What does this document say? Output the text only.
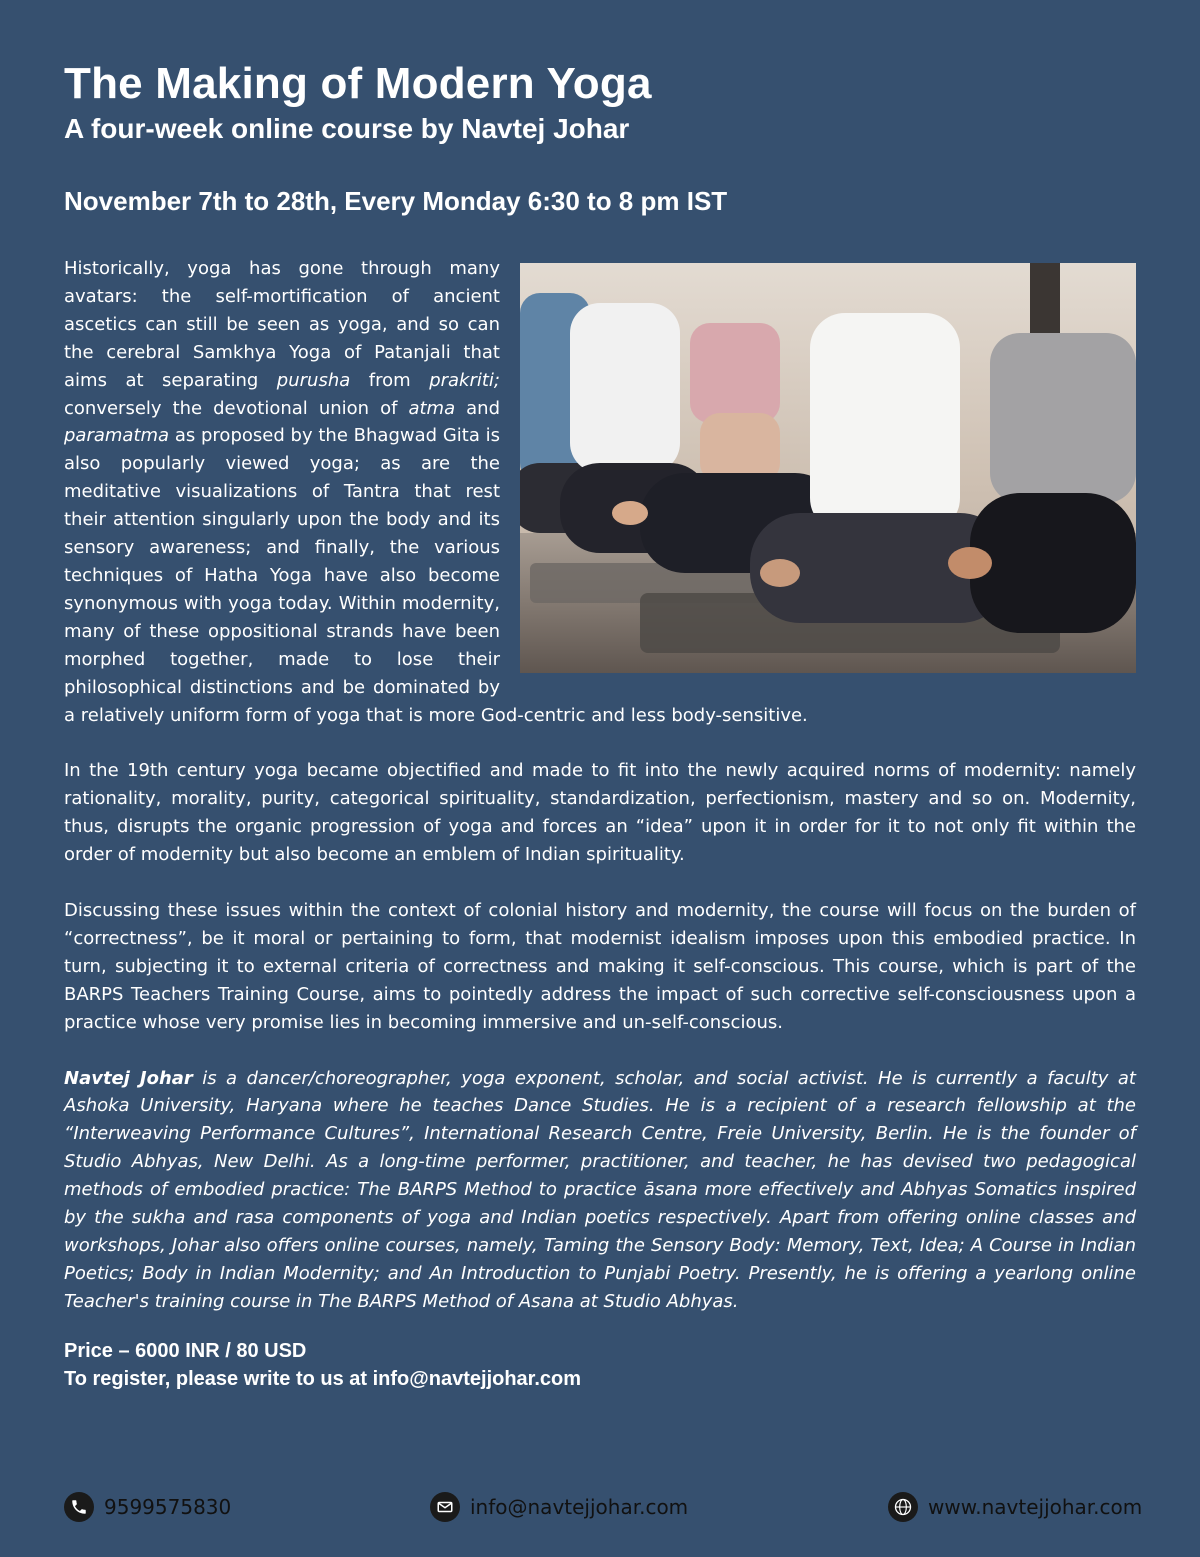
The Making of Modern Yoga
A four-week online course by Navtej Johar
November 7th to 28th, Every Monday 6:30 to 8 pm IST

Historically, yoga has gone through many avatars: the self-mortification of ancient ascetics can still be seen as yoga, and so can the cerebral Samkhya Yoga of Patanjali that aims at separating purusha from prakriti; conversely the devotional union of atma and paramatma as proposed by the Bhagwad Gita is also popularly viewed yoga; as are the meditative visualizations of Tantra that rest their attention singularly upon the body and its sensory awareness; and finally, the various techniques of Hatha Yoga have also become synonymous with yoga today. Within modernity, many of these oppositional strands have been morphed together, made to lose their philosophical distinctions and be dominated by a relatively uniform form of yoga that is more God-centric and less body-sensitive.

In the 19th century yoga became objectified and made to fit into the newly acquired norms of modernity: namely rationality, morality, purity, categorical spirituality, standardization, perfectionism, mastery and so on. Modernity, thus, disrupts the organic progression of yoga and forces an “idea” upon it in order for it to not only fit within the order of modernity but also become an emblem of Indian spirituality.

Discussing these issues within the context of colonial history and modernity, the course will focus on the burden of “correctness”, be it moral or pertaining to form, that modernist idealism imposes upon this embodied practice. In turn, subjecting it to external criteria of correctness and making it self-conscious. This course, which is part of the BARPS Teachers Training Course, aims to pointedly address the impact of such corrective self-consciousness upon a practice whose very promise lies in becoming immersive and un-self-conscious.

Navtej Johar is a dancer/choreographer, yoga exponent, scholar, and social activist. He is currently a faculty at Ashoka University, Haryana where he teaches Dance Studies. He is a recipient of a research fellowship at the “Interweaving Performance Cultures”, International Research Centre, Freie University, Berlin. He is the founder of Studio Abhyas, New Delhi. As a long-time performer, practitioner, and teacher, he has devised two pedagogical methods of embodied practice: The BARPS Method to practice āsana more effectively and Abhyas Somatics inspired by the sukha and rasa components of yoga and Indian poetics respectively. Apart from offering online classes and workshops, Johar also offers online courses, namely, Taming the Sensory Body: Memory, Text, Idea; A Course in Indian Poetics; Body in Indian Modernity; and An Introduction to Punjabi Poetry. Presently, he is offering a yearlong online Teacher's training course in The BARPS Method of Asana at Studio Abhyas.

Price – 6000 INR / 80 USD
To register, please write to us at info@navtejjohar.com
9599575830	info@navtejjohar.com	www.navtejjohar.com
